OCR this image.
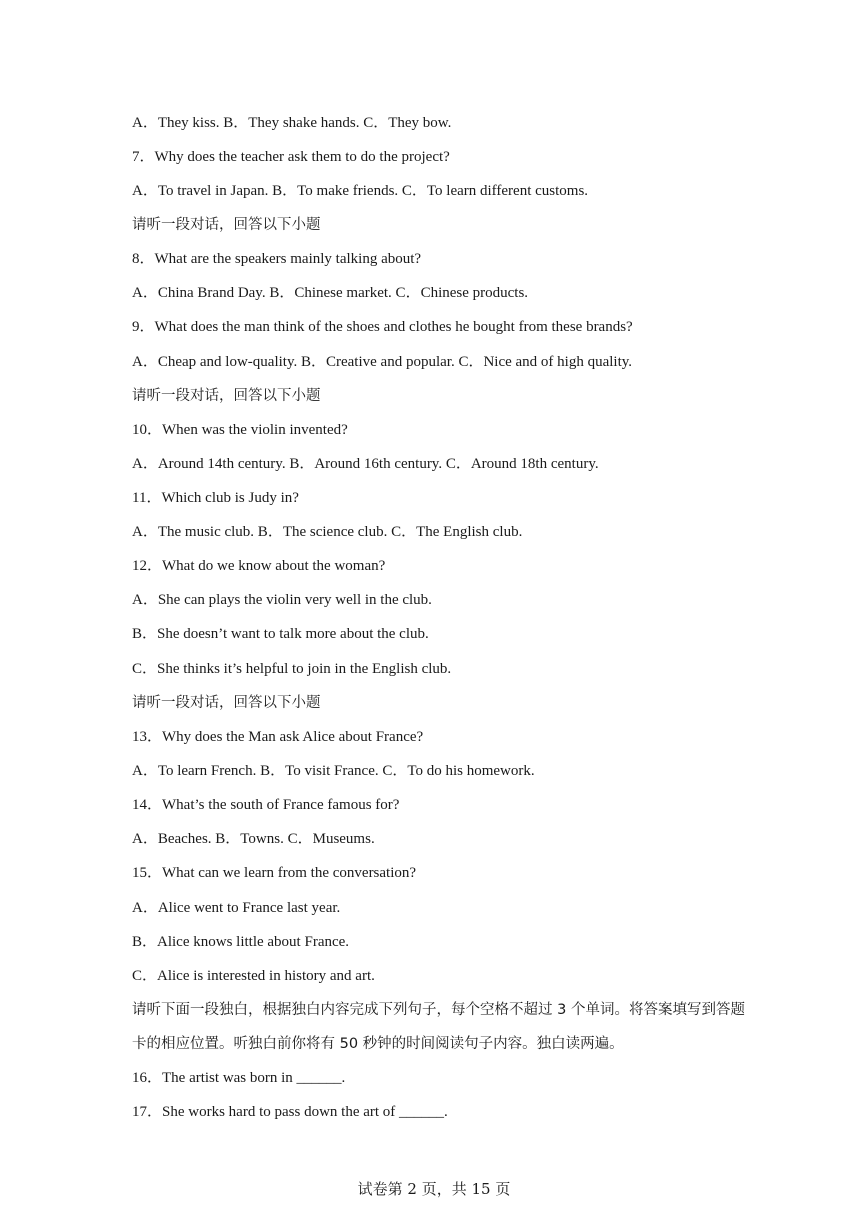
A．They kiss. B．They shake hands. C．They bow.
7．Why does the teacher ask them to do the project?
A．To travel in Japan. B．To make friends. C．To learn different customs.
请听一段对话，回答以下小题
8．What are the speakers mainly talking about?
A．China Brand Day. B．Chinese market. C．Chinese products.
9．What does the man think of the shoes and clothes he bought from these brands?
A．Cheap and low-quality. B．Creative and popular. C．Nice and of high quality.
请听一段对话，回答以下小题
10．When was the violin invented?
A．Around 14th century. B．Around 16th century. C．Around 18th century.
11．Which club is Judy in?
A．The music club. B．The science club. C．The English club.
12．What do we know about the woman?
A．She can plays the violin very well in the club.
B．She doesn’t want to talk more about the club.
C．She thinks it’s helpful to join in the English club.
请听一段对话，回答以下小题
13．Why does the Man ask Alice about France?
A．To learn French. B．To visit France. C．To do his homework.
14．What’s the south of France famous for?
A．Beaches. B．Towns. C．Museums.
15．What can we learn from the conversation?
A．Alice went to France last year.
B．Alice knows little about France.
C．Alice is interested in history and art.
请听下面一段独白，根据独白内容完成下列句子，每个空格不超过 3 个单词。将答案填写到答题卡的相应位置。听独白前你将有 50 秒钟的时间阅读句子内容。独白读两遍。
16．The artist was born in ______.
17．She works hard to pass down the art of ______.
试卷第 2 页，共 15 页
